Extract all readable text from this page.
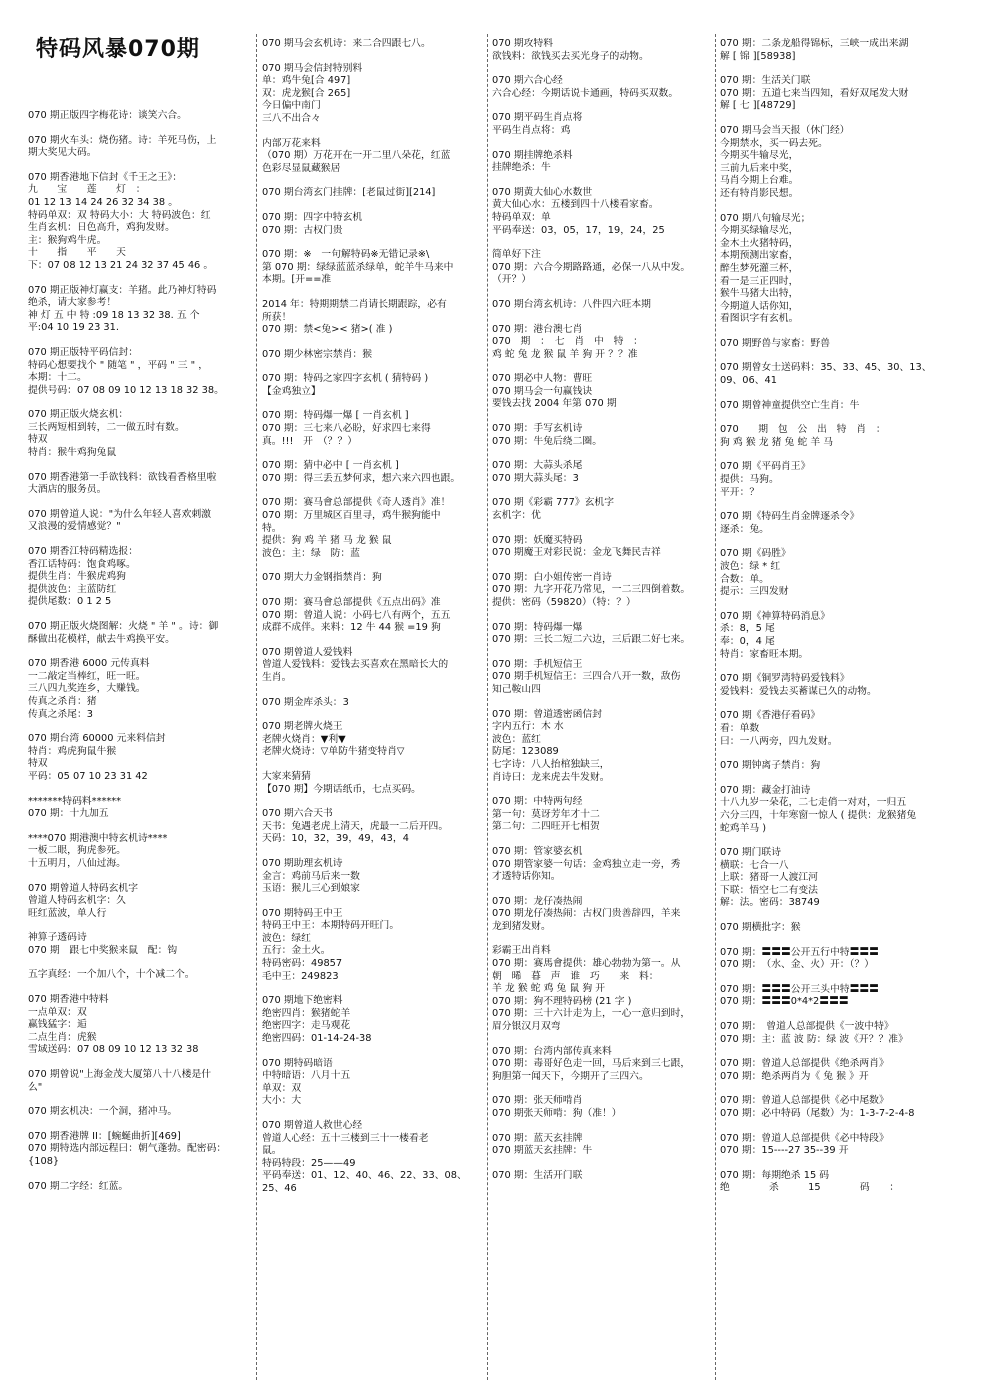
特码风暴070期
070 期正版四字梅花诗：谈笑六合。
070 期火车头：烧伤猪。诗：羊死马伤，上
期大奖见大码。
070 期香港地下信封《千王之王》：
九　　宝　　莲　　灯　：
01 12 13 14 24 26 32 34 38 。
特码单双：双 特码大小：大 特码波色：红
生肖玄机：日色高升，鸡狗发财。
主：猴狗鸡牛虎。
十　　指　　平　　天
下：07 08 12 13 21 24 32 37 45 46 。
070 期正版神灯赢支：羊猪。此乃神灯特码
绝杀，请大家参考！
神 灯 五 中 特 :09 18 13 32 38. 五 个
平:04 10 19 23 31.
070 期正版特平码信封：
特码心想要找个 " 随笔 " ，平码 " 三 " ，
本期：十二。
提供号码：07 08 09 10 12 13 18 32 38。
070 期正版火烧玄机：
三长两短相到转，二一做五时有数。
特双
特肖：猴牛鸡狗兔鼠
070 期香港第一手欲钱料：欲钱看香格里啦
大酒店的服务员。
070 期曾道人说："为什么年轻人喜欢刺激
又浪漫的爱情感觉？"
070 期香江特码精选报：
香江话特码：饱食鸡啄。
提供生肖：牛猴虎鸡狗
提供波色：主蓝防红
提供尾数：0 1 2 5
070 期正版火烧图解：火烧 " 羊 " 。诗：御
酥做出花模样，献去牛鸡换平安。
070 期香港 6000 元传真料
一二敲定当棒红，旺一旺。
三八四九奖连乡，大赚钱。
传真之杀肖：猪
传真之杀尾：3
070 期台湾 60000 元来料信封
特肖：鸡虎狗鼠牛猴
特双
平码：05 07 10 23 31 42
*******特码料******
070 期：十九加五
****070 期港澳中特玄机诗****
一板二眼，狗虎参死。
十五明月，八仙过海。
070 期曾道人特码玄机字
曾道人特码玄机字：久
旺红蓝波，单人行
神算子透码诗
070 期　跟七中奖猴来鼠　配：钩
五字真经：一个加八个，十个减二个。
070 期香港中特料
一点单双：双
赢钱猛字：逅
二点生肖：虎猴
雪域送码：07 08 09 10 12 13 32 38
070 期曾说"上海金茂大厦第八十八楼是什
么"
070 期玄机决：一个洞，猪冲马。
070 期香港牌 II：[蜿蜒曲折][469]
070 期特选内部远程曰：朝气蓬勃。配密码：
{108}
070 期二字经：红蓝。
070 期马会玄机诗：来二合四跟七八。
070 期马会信封特别料
单：鸡牛兔[合 497]
双：虎龙猴[合 265]
今日偏中南门
三八不出合々
内部万花来料
（070 期）万花开在一开二里八朵花，红蓝
色彩尽显鼠藏猴居
070 期台湾玄门挂牌：[老鼠过街][214]
070 期：四字中特玄机
070 期：古权门贵
070 期：※　一句解特码※无错记录※\
第 070 期：绿绿蓝蓝杀绿单，蛇羊牛马来中
本期。[开==准
2014 年：特期期禁二肖请长期跟踪，必有
所获！
070 期：禁<兔>< 猪>( 准 )
070 期少林密宗禁肖：猴
070 期：特码之家四字玄机 ( 猜特码 )
【金鸡独立】
070 期：特码爆一爆 [ 一肖玄机 ]
070 期：三七来八必盼，好求四七来得
真。!!!　开　（？？）
070 期：猜中必中 [ 一肖玄机 ]
070 期：得三丢五梦何求，想六来六四也跟。
070 期：赛马會总部提供《奇人透肖》准！
070 期：万里城区百里寻，鸡牛猴狗能中
特。
提供：狗 鸡 羊 猪 马 龙 猴 鼠
波色：主：绿　防：蓝
070 期大力金钢指禁肖：狗
070 期：赛马會总部提供《五点出码》准
070 期：曾道人说：小码七八有两个，五五
成群不成伴。来料：12 牛 44 猴 =19 狗
070 期曾道人爱钱料
曾道人爱钱料：爱钱去买喜欢在黑暗长大的
生肖。
070 期金库杀头：3
070 期老牌火烧王
老牌火烧肖：▼利▼
老牌火烧诗：▽单防牛猪变特肖▽
大家来猜猜
【070 期】今期话纸币，七点买码。
070 期六合天书
天书：兔遇老虎上清天，虎最一二后开四。
天码：10，32，39，49，43，4
070 期助理玄机诗
金言：鸡前马后来一数
玉语：猴儿三心到娘家
070 期特码王中王
特码王中王：本期特码开旺门。
波色：绿红
五行：金土火。
特码密码：49857
毛中王：249823
070 期地下绝密料
绝密四肖：猴猪蛇羊
绝密四字：走马观花
绝密四码：01-14-24-38
070 期特码暗语
中特暗语：八月十五
单双：双
大小：大
070 期曾道人救世心经
曾道人心经：五十三楼到三十一楼看老
鼠。
特码特段：25——49
平码奉送：01、12、40、46、22、33、08、
25、46
070 期攻特料
欲钱料：欲钱买去买光身子的动物。
070 期六合心经
六合心经：今期话说卡通画，特码买双数。
070 期平码生肖点将
平码生肖点将：鸡
070 期挂牌绝杀料
挂牌绝杀：牛
070 期黄大仙心水数世
黄大仙心水：五楼到四十八楼看家畜。
特码单双：单
平码奉送：03，05，17，19，24，25
简单好下注
070 期：六合今期路路通，必保一八从中发。
（开？）
070 期台湾玄机诗：八件四六旺本期
070 期：港台澳七肖
070　期　：　七　肖　中　特　：
鸡 蛇 兔 龙 猴 鼠 羊 狗 开 ？？准
070 期必中人物：曹旺
070 期马会一句赢钱诀
要钱去找 2004 年第 070 期
070 期：手写玄机诗
070 期：牛兔后绕二圈。
070 期：大蒜头杀尾
070 期大蒜头尾：3
070 期《彩霸 777》玄机字
玄机字：优
070 期：妖魔买特码
070 期魔王对彩民说：金龙飞舞民吉祥
070 期：白小姐传密一肖诗
070 期：九字开花乃常见，一二三四倒着数。
提供：密码（59820）（特：？）
070 期：特码爆一爆
070 期：三长二短二六边，三后跟二好七来。
070 期：手机短信王
070 期手机短信王：三四合八开一数，敌伤
知己鞍山四
070 期：曾道透密函信封
字内五行：木 水
波色：蓝红
防尾：123089
七字诗：八人抬棺独缺三，
肖诗曰：龙来虎去牛发财。
070 期：中特两句经
第一句：莫讶芳年才十二
第二句：二四旺开七相贺
070 期：管家婆玄机
070 期管家婆一句话：金鸡独立走一旁，秀
才透特话你知。
070 期：龙仔凑热闹
070 期龙仔凑热闹：古权门贵善辞四，羊来
龙到猪发财。
彩霸王出肖料
070 期：赛馬會提供：雄心勃勃为第一。从
朝　晞　暮　声　谁　巧　　来　料：
羊 龙 猴 蛇 鸡 兔 鼠 狗 开
070 期：狗不理特码榜 (21 字 )
070 期：三十六计走为上，一心一意归到时，
眉分银汉月双弯
070 期：台湾内部传真来料
070 期：毒哥好色走一回，马后来到三七跟，
狗胆第一闻天下，今期开了三四六。
070 期：张天师啃肖
070 期张天师啃：狗（准！）
070 期：蓝天玄挂牌
070 期蓝天玄挂牌：牛
070 期：生活开门联
070 期：二条龙船得锦标，三峡一成出来湖
解 [ 锦 ][58938]
070 期：生活关门联
070 期：五道七来当四知，看好双尾发大财
解 [ 七 ][48729]
070 期马会当天报（休门经）
今期禁水，买一码去死。
今期买牛输尽光，
三前九后来中奖，
马肖今期上台难。
还有特肖影民想。
070 期八句输尽光；
今期买绿输尽光，
金木土火猪特码，
本期预测出家畜，
醉生梦死灌三杯，
看一是三正四时，
猴牛马猪大出特，
今期道人话你知，
看图识字有玄机。
070 期野兽与家畜：野兽
070 期曾女士送码料：35、33、45、30、13、
09、06、41
070 期曾神童提供空亡生肖：牛
070　　期　包　公　出　特　肖　：
狗 鸡 猴 龙 猪 兔 蛇 羊 马
070 期《平码肖王》
提供：马狗。
平开：？
070 期《特码生肖金牌逐杀令》
逐杀：兔。
070 期《码胜》
波色：绿 * 红
合数：单。
提示：三四发财
070 期《神算特码消息》
杀：8，5 尾
奉：0，4 尾
特肖：家畜旺本期。
070 期《铜罗湾特码爱钱料》
爱钱料：爱钱去买蓄谋已久的动物。
070 期《香港仔看码》
看：单数
曰：一八两旁，四九发财。
070 期钟离子禁肖：狗
070 期：藏金打油诗
十八九岁一朵花，二七走俏一对对，一归五
六分三四，十年寒窗一惊人 ( 提供：龙猴猪兔
蛇鸡羊马 )
070 期门联诗
横联：七合一八
上联：猪哥一人渡江河
下联：悟空七二有变法
解：法。密码：38749
070 期横批字：猴
070 期：〓〓〓公开五行中特〓〓〓
070 期：　（水、金、火）开：（？）
070 期：〓〓〓公开三头中特〓〓〓
070 期：〓〓〓0*4*2〓〓〓
070 期：　曾道人总部提供《一波中特》
070 期：主：蓝 波 防：绿 波《开？？准》
070 期：曾道人总部提供《绝杀两肖》
070 期：绝杀两肖为《 兔 猴 》开
070 期：曾道人总部提供《必中尾数》
070 期：必中特码（尾数）为：1-3-7-2-4-8
070 期：曾道人总部提供《必中特段》
070 期：15----27 35--39 开
070 期：每期绝杀 15 码
绝　　　　杀　　　15　　　　码　　：
